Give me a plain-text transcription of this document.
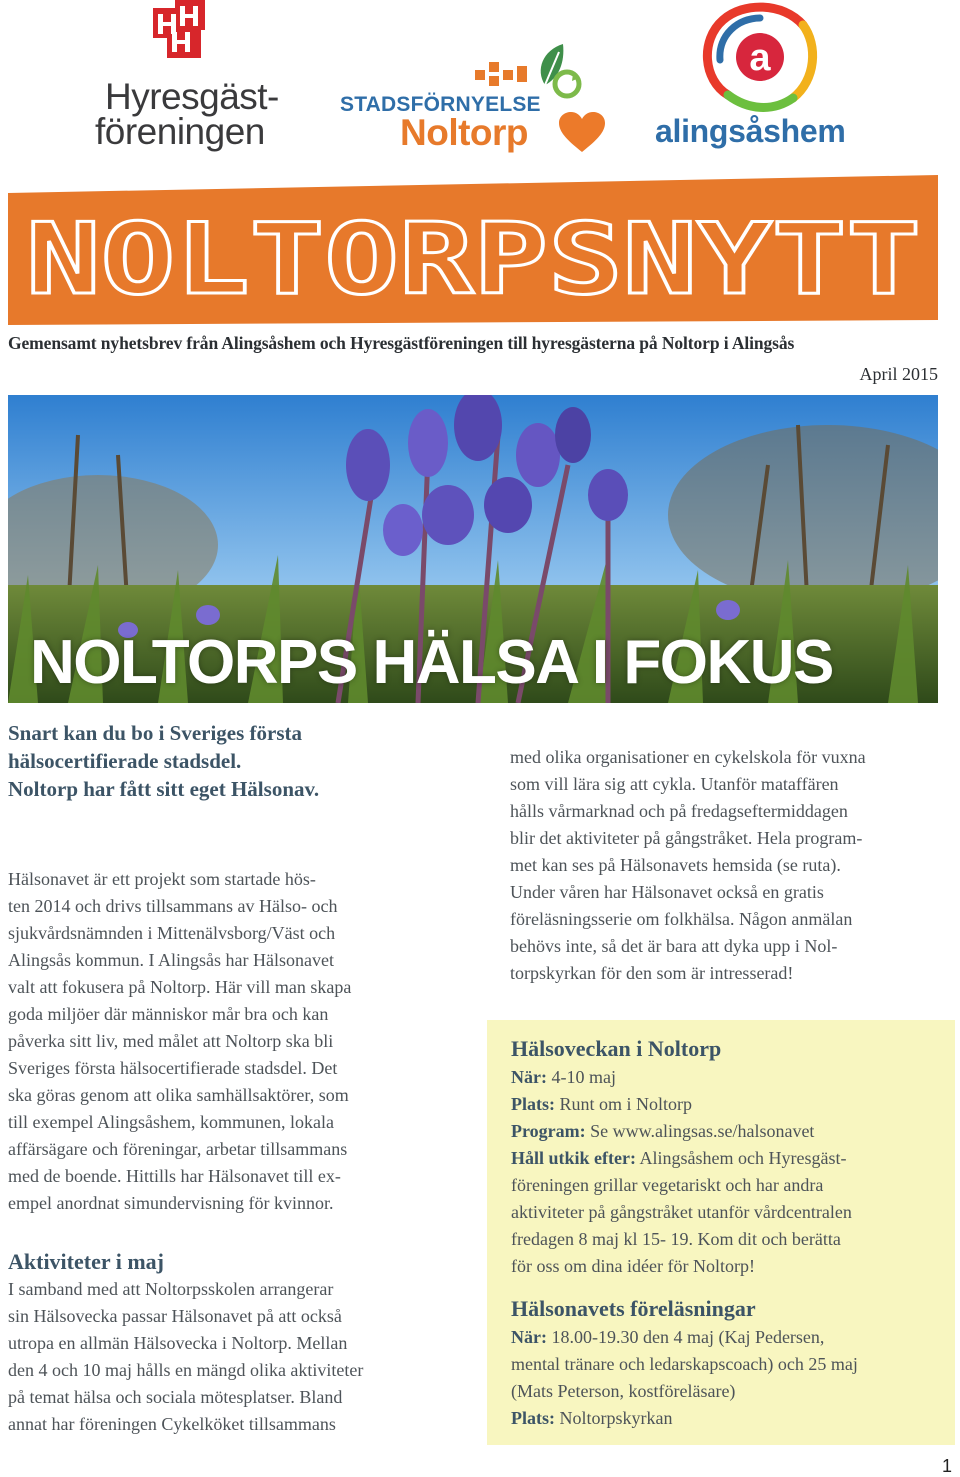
Hyresgäst-
föreningen
STADSFÖRNYELSE
Noltorp
a
alingsåshem
NOLTORPSNYTT
Gemensamt nyhetsbrev från Alingsåshem och Hyresgästföreningen till hyresgästerna på Noltorp i Alingsås
April 2015
NOLTORPS HÄLSA I FOKUS
Snart kan du bo i Sveriges första
hälsocertifierade stadsdel.
Noltorp har fått sitt eget Hälsonav.
Hälsonavet är ett projekt som startade hös-
ten 2014 och drivs tillsammans av Hälso- och
sjukvårdsnämnden i Mittenälvsborg/Väst och
Alingsås kommun. I Alingsås har Hälsonavet
valt att fokusera på Noltorp. Här vill man skapa
goda miljöer där människor mår bra och kan
påverka sitt liv, med målet att Noltorp ska bli
Sveriges första hälsocertifierade stadsdel. Det
ska göras genom att olika samhällsaktörer, som
till exempel Alingsåshem, kommunen, lokala
affärsägare och föreningar, arbetar tillsammans
med de boende. Hittills har Hälsonavet till ex-
empel anordnat simundervisning för kvinnor.
Aktiviteter i maj
I samband med att Noltorpsskolen arrangerar
sin Hälsovecka passar Hälsonavet på att också
utropa en allmän Hälsovecka i Noltorp. Mellan
den 4 och 10 maj hålls en mängd olika aktiviteter
på temat hälsa och sociala mötesplatser. Bland
annat har föreningen Cykelköket tillsammans
med olika organisationer en cykelskola för vuxna
som vill lära sig att cykla. Utanför mataffären
hålls vårmarknad och på fredagseftermiddagen
blir det aktiviteter på gångstråket. Hela program-
met kan ses på Hälsonavets hemsida (se ruta).
Under våren har Hälsonavet också en gratis
föreläsningsserie om folkhälsa. Någon anmälan
behövs inte, så det är bara att dyka upp i Nol-
torpskyrkan för den som är intresserad!
Hälsoveckan i Noltorp
När: 4-10 maj
Plats: Runt om i Noltorp
Program: Se www.alingsas.se/halsonavet
Håll utkik efter: Alingsåshem och Hyresgäst-
föreningen grillar vegetariskt och har andra
aktiviteter på gångstråket utanför vårdcentralen
fredagen 8 maj kl 15- 19. Kom dit och berätta
för oss om dina idéer för Noltorp!
Hälsonavets föreläsningar
När: 18.00-19.30 den 4 maj (Kaj Pedersen,
mental tränare och ledarskapscoach) och 25 maj
(Mats Peterson, kostföreläsare)
Plats: Noltorpskyrkan
1
